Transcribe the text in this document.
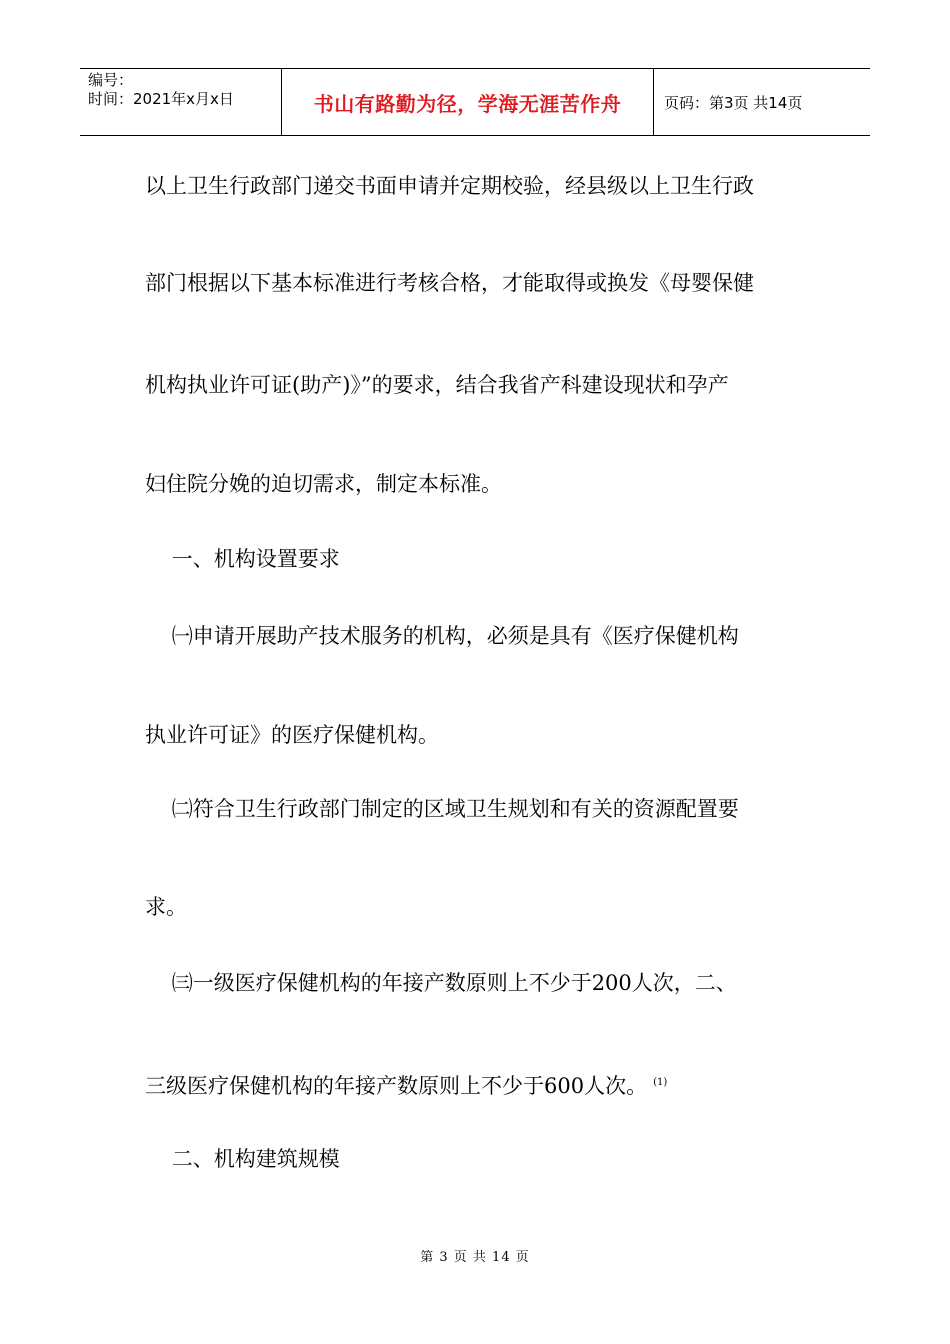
编号：
时间：2021年x月x日	书山有路勤为径，学海无涯苦作舟	页码：第3页 共14页
以上卫生行政部门递交书面申请并定期校验，经县级以上卫生行政
部门根据以下基本标准进行考核合格，才能取得或换发《母婴保健
机构执业许可证(助产)》”的要求，结合我省产科建设现状和孕产
妇住院分娩的迫切需求，制定本标准。
一、机构设置要求
㈠申请开展助产技术服务的机构，必须是具有《医疗保健机构
执业许可证》的医疗保健机构。
㈡符合卫生行政部门制定的区域卫生规划和有关的资源配置要
求。
㈢一级医疗保健机构的年接产数原则上不少于200人次，二、
三级医疗保健机构的年接产数原则上不少于600人次。 $^{(1)}$
二、机构建筑规模
第 3 页 共 14 页
